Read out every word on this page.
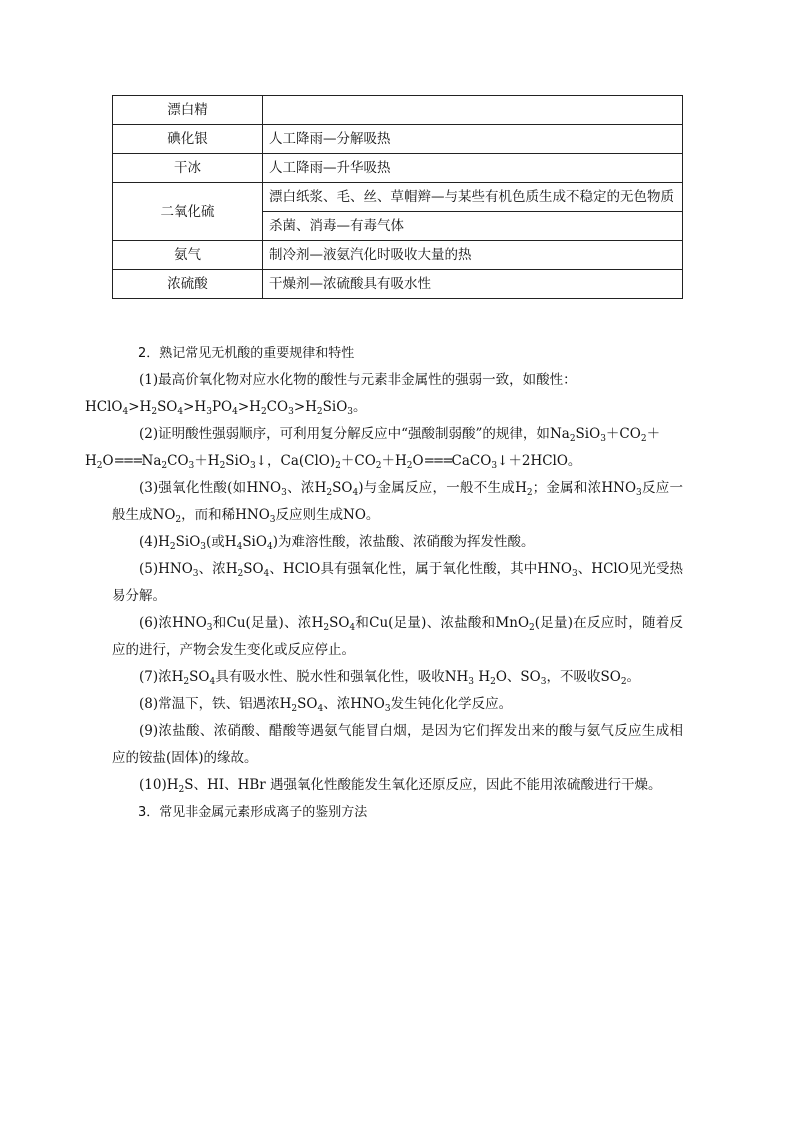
漂白精	
碘化银	人工降雨—分解吸热
干冰	人工降雨—升华吸热
二氧化硫	漂白纸浆、毛、丝、草帽辫—与某些有机色质生成不稳定的无色物质
	杀菌、消毒—有毒气体
氨气	制冷剂—液氨汽化时吸收大量的热
浓硫酸	干燥剂—浓硫酸具有吸水性

2．熟记常见无机酸的重要规律和特性

(1)最高价氧化物对应水化物的酸性与元素非金属性的强弱一致，如酸性：
$HClO_4>H_2SO_4>H_3PO_4>H_2CO_3>H_2SiO_3$。

(2)证明酸性强弱顺序，可利用复分解反应中“强酸制弱酸”的规律，如$Na_2SiO_3+CO_2+$
$H_2O===Na_2CO_3+H_2SiO_3↓$，$Ca(ClO)_2+CO_2+H_2O===CaCO_3↓+2HClO$。

(3)强氧化性酸(如$HNO_3$、浓$H_2SO_4$)与金属反应，一般不生成$H_2$；金属和浓$HNO_3$反应一般生成$NO_2$，而和稀$HNO_3$反应则生成NO。

$(4)H_2SiO_3$(或$H_4SiO_4$)为难溶性酸，浓盐酸、浓硝酸为挥发性酸。

$(5)HNO_3$、浓$H_2SO_4$、HClO具有强氧化性，属于氧化性酸，其中$HNO_3$、HClO见光受热易分解。

(6)浓$HNO_3$和Cu(足量)、浓$H_2SO_4$和Cu(足量)、浓盐酸和MnO$_2$(足量)在反应时，随着反应的进行，产物会发生变化或反应停止。

(7)浓$H_2SO_4$具有吸水性、脱水性和强氧化性，吸收$NH_3$ $H_2O$、$SO_3$，不吸收$SO_2$。

(8)常温下，铁、铝遇浓$H_2SO_4$、浓$HNO_3$发生钝化化学反应。

(9)浓盐酸、浓硝酸、醋酸等遇氨气能冒白烟，是因为它们挥发出来的酸与氨气反应生成相应的铵盐(固体)的缘故。

$(10)H_2S$、HI、HBr 遇强氧化性酸能发生氧化还原反应，因此不能用浓硫酸进行干燥。

3．常见非金属元素形成离子的鉴别方法
